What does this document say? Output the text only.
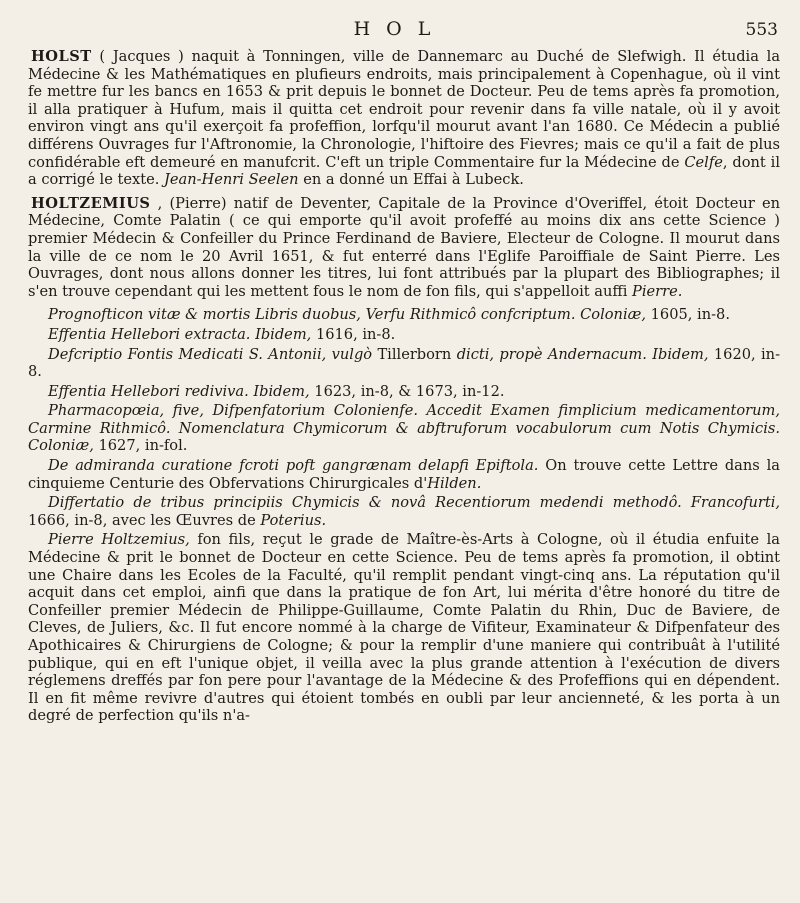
HOL	553

HOLST ( Jacques ) naquit à Tonningen, ville de Dannemarc au Duché de Slefwigh. Il étudia la Médecine & les Mathématiques en plufieurs endroits, mais principalement à Copenhague, où il vint fe mettre fur les bancs en 1653 & prit depuis le bonnet de Docteur. Peu de tems après fa promotion, il alla pratiquer à Hufum, mais il quitta cet endroit pour revenir dans fa ville natale, où il y avoit environ vingt ans qu'il exerçoit fa profeffion, lorfqu'il mourut avant l'an 1680. Ce Médecin a publié différens Ouvrages fur l'Aftronomie, la Chronologie, l'hiftoire des Fievres; mais ce qu'il a fait de plus confidérable eft demeuré en manufcrit. C'eft un triple Commentaire fur la Médecine de Celfe, dont il a corrigé le texte. Jean-Henri Seelen en a donné un Effai à Lubeck.

HOLTZEMIUS , (Pierre) natif de Deventer, Capitale de la Province d'Overiffel, étoit Docteur en Médecine, Comte Palatin ( ce qui emporte qu'il avoit profeffé au moins dix ans cette Science ) premier Médecin & Confeiller du Prince Ferdinand de Baviere, Electeur de Cologne. Il mourut dans la ville de ce nom le 20 Avril 1651, & fut enterré dans l'Eglife Paroiffiale de Saint Pierre. Les Ouvrages, dont nous allons donner les titres, lui font attribués par la plupart des Bibliographes; il s'en trouve cependant qui les mettent fous le nom de fon fils, qui s'appelloit auffi Pierre.

Prognofticon vitæ & mortis Libris duobus, Verfu Rithmicô confcriptum. Coloniæ, 1605, in-8.

Effentia Hellebori extracta. Ibidem, 1616, in-8.

Defcriptio Fontis Medicati S. Antonii, vulgò Tillerborn dicti, propè Andernacum. Ibidem, 1620, in-8.

Effentia Hellebori rediviva. Ibidem, 1623, in-8, & 1673, in-12.

Pharmacopœia, five, Difpenfatorium Colonienfe. Accedit Examen fimplicium medicamentorum, Carmine Rithmicô. Nomenclatura Chymicorum & abftruforum vocabulorum cum Notis Chymicis. Coloniæ, 1627, in-fol.

De admiranda curatione fcroti poft gangrænam delapfi Epiftola. On trouve cette Lettre dans la cinquieme Centurie des Obfervations Chirurgicales d'Hilden.

Differtatio de tribus principiis Chymicis & novâ Recentiorum medendi methodô. Francofurti, 1666, in-8, avec les Œuvres de Poterius.

Pierre Holtzemius, fon fils, reçut le grade de Maître-ès-Arts à Cologne, où il étudia enfuite la Médecine & prit le bonnet de Docteur en cette Science. Peu de tems après fa promotion, il obtint une Chaire dans les Ecoles de la Faculté, qu'il remplit pendant vingt-cinq ans. La réputation qu'il acquit dans cet emploi, ainfi que dans la pratique de fon Art, lui mérita d'être honoré du titre de Confeiller premier Médecin de Philippe-Guillaume, Comte Palatin du Rhin, Duc de Baviere, de Cleves, de Juliers, &c. Il fut encore nommé à la charge de Vifiteur, Examinateur & Difpenfateur des Apothicaires & Chirurgiens de Cologne; & pour la remplir d'une maniere qui contribuât à l'utilité publique, qui en eft l'unique objet, il veilla avec la plus grande attention à l'exécution de divers réglemens dreffés par fon pere pour l'avantage de la Médecine & des Profeffions qui en dépendent. Il en fit même revivre d'autres qui étoient tombés en oubli par leur ancienneté, & les porta à un degré de perfection qu'ils n'a-
